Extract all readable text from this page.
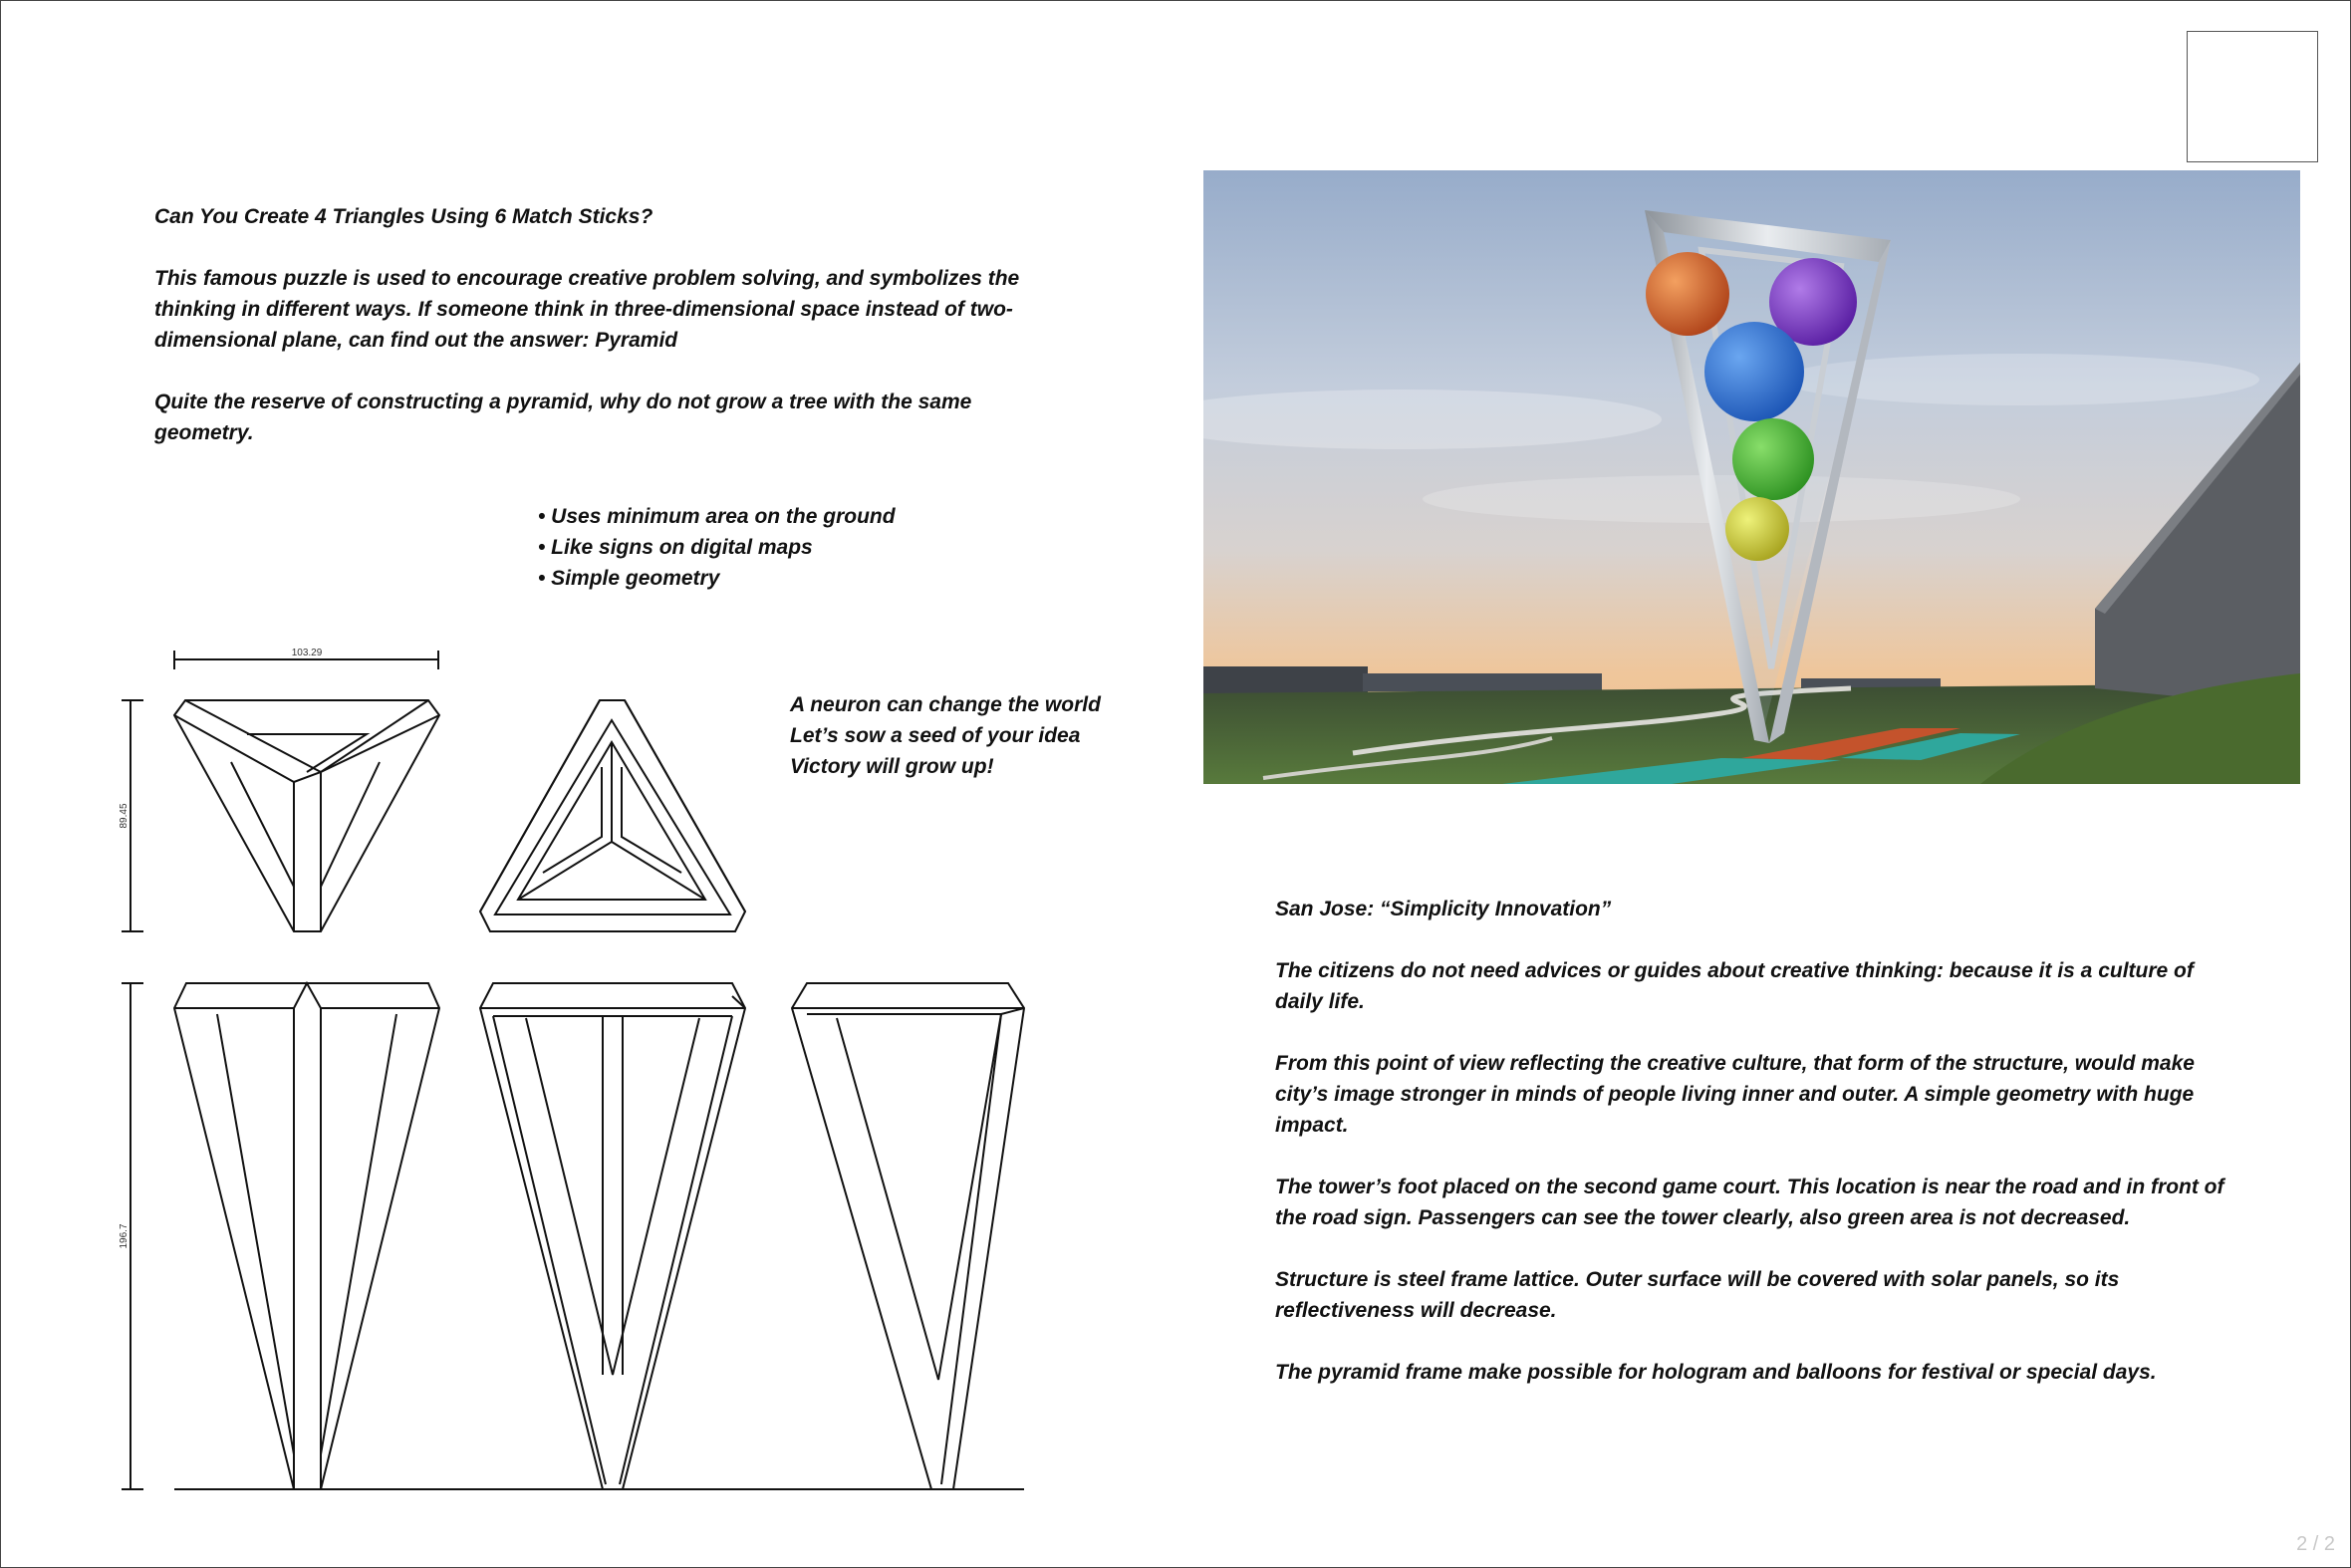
Can You Create 4 Triangles Using 6 Match Sticks?

This famous puzzle is used to encourage creative problem solving, and symbolizes the thinking in different ways. If someone think in three-dimensional space instead of two-dimensional plane, can find out the answer: Pyramid

Quite the reserve of constructing a pyramid, why do not grow a tree with the same geometry.

• Uses minimum area on the ground
• Like signs on digital maps
• Simple geometry
A neuron can change the world
Let’s sow a seed of your idea
Victory will grow up!

San Jose: “Simplicity Innovation”

The citizens do not need advices or guides about creative thinking: because it is a culture of daily life.

From this point of view reflecting the creative culture, that form of the structure, would make city’s image stronger in minds of people living inner and outer. A simple geometry with huge impact.

The tower’s foot placed on the second game court. This location is near the road and in front of the road sign. Passengers can see the tower clearly, also green area is not decreased.

Structure is steel frame lattice. Outer surface will be covered with solar panels, so its reflectiveness will decrease.

The pyramid frame make possible for hologram and balloons for festival or special days.

2 / 2
103.29
89.45
196.7
